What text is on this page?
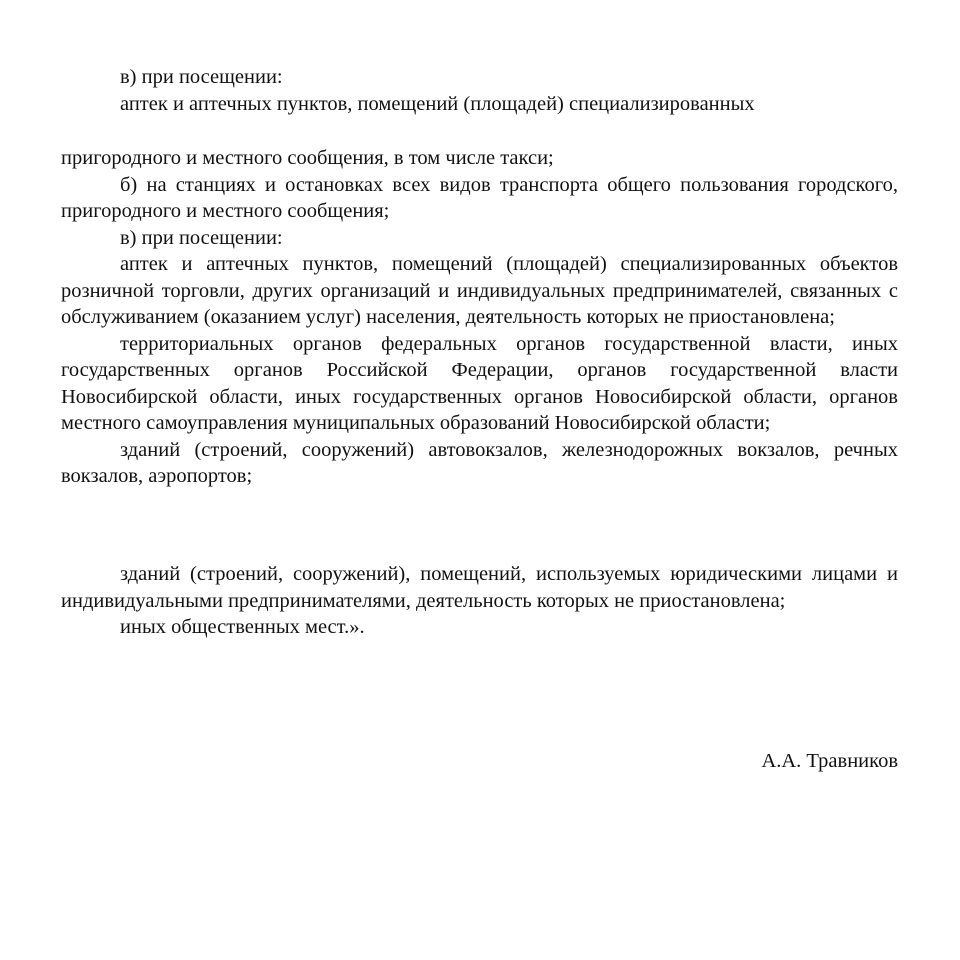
в) при посещении:

аптек и аптечных пунктов, помещений (площадей) специализированных

пригородного и местного сообщения, в том числе такси;

б) на станциях и остановках всех видов транспорта общего пользования городского, пригородного и местного сообщения;

в) при посещении:

аптек и аптечных пунктов, помещений (площадей) специализированных объектов розничной торговли, других организаций и индивидуальных предпринимателей, связанных с обслуживанием (оказанием услуг) населения, деятельность которых не приостановлена;

территориальных органов федеральных органов государственной власти, иных государственных органов Российской Федерации, органов государственной власти Новосибирской области, иных государственных органов Новосибирской области, органов местного самоуправления муниципальных образований Новосибирской области;

зданий (строений, сооружений) автовокзалов, железнодорожных вокзалов, речных вокзалов, аэропортов;

зданий (строений, сооружений), помещений, используемых юридическими лицами и индивидуальными предпринимателями, деятельность которых не приостановлена;

иных общественных мест.».

А.А. Травников
